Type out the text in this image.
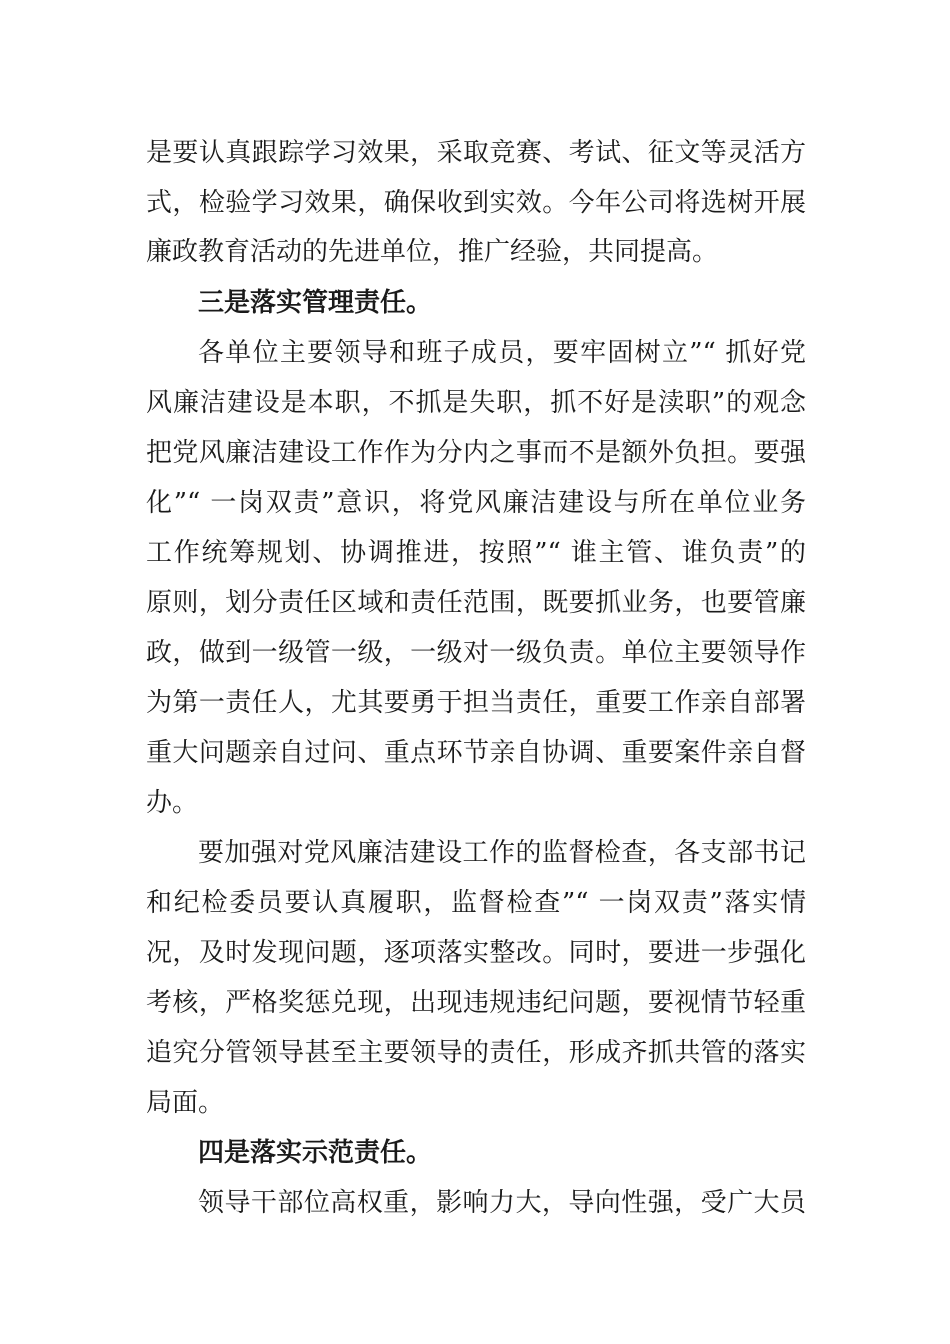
是要认真跟踪学习效果，采取竞赛、考试、征文等灵活方
式，检验学习效果，确保收到实效。今年公司将选树开展
廉政教育活动的先进单位，推广经验，共同提高。
三是落实管理责任。
各单位主要领导和班子成员，要牢固树立”“ 抓好党
风廉洁建设是本职，不抓是失职，抓不好是渎职”的观念
把党风廉洁建设工作作为分内之事而不是额外负担。要强
化”“ 一岗双责”意识，将党风廉洁建设与所在单位业务
工作统筹规划、协调推进，按照”“ 谁主管、谁负责”的
原则，划分责任区域和责任范围，既要抓业务，也要管廉
政，做到一级管一级，一级对一级负责。单位主要领导作
为第一责任人，尤其要勇于担当责任，重要工作亲自部署
重大问题亲自过问、重点环节亲自协调、重要案件亲自督
办。
要加强对党风廉洁建设工作的监督检查，各支部书记
和纪检委员要认真履职，监督检查”“ 一岗双责”落实情
况，及时发现问题，逐项落实整改。同时，要进一步强化
考核，严格奖惩兑现，出现违规违纪问题，要视情节轻重
追究分管领导甚至主要领导的责任，形成齐抓共管的落实
局面。
四是落实示范责任。
领导干部位高权重，影响力大，导向性强，受广大员
